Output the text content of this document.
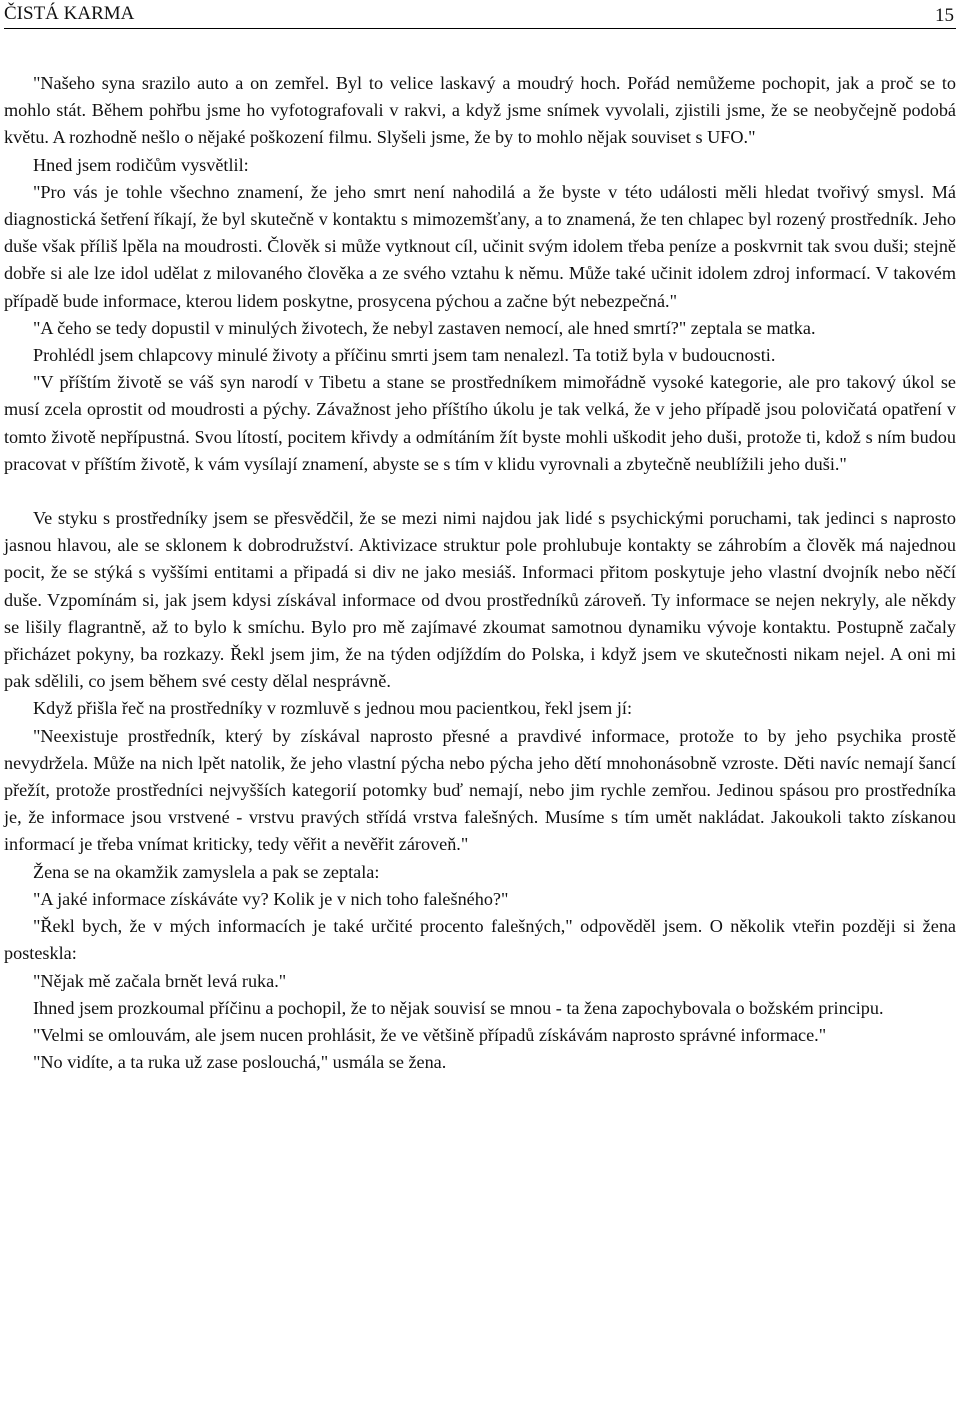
ČISTÁ KARMA	15

"Našeho syna srazilo auto a on zemřel. Byl to velice laskavý a moudrý hoch. Pořád nemůžeme pochopit, jak a proč se to mohlo stát. Během pohřbu jsme ho vyfotografovali v rakvi, a když jsme snímek vyvolali, zjistili jsme, že se neobyčejně podobá květu. A rozhodně nešlo o nějaké poškození filmu. Slyšeli jsme, že by to mohlo nějak souviset s UFO."

Hned jsem rodičům vysvětlil:

"Pro vás je tohle všechno znamení, že jeho smrt není nahodilá a že byste v této události měli hledat tvořivý smysl. Má diagnostická šetření říkají, že byl skutečně v kontaktu s mimozemšťany, a to znamená, že ten chlapec byl rozený prostředník. Jeho duše však příliš lpěla na moudrosti. Člověk si může vytknout cíl, učinit svým idolem třeba peníze a poskvrnit tak svou duši; stejně dobře si ale lze idol udělat z milovaného člověka a ze svého vztahu k němu. Může také učinit idolem zdroj informací. V takovém případě bude informace, kterou lidem poskytne, prosycena pýchou a začne být nebezpečná."

"A čeho se tedy dopustil v minulých životech, že nebyl zastaven nemocí, ale hned smrtí?" zeptala se matka.

Prohlédl jsem chlapcovy minulé životy a příčinu smrti jsem tam nenalezl. Ta totiž byla v budoucnosti.

"V příštím životě se váš syn narodí v Tibetu a stane se prostředníkem mimořádně vysoké kategorie, ale pro takový úkol se musí zcela oprostit od moudrosti a pýchy. Závažnost jeho příštího úkolu je tak velká, že v jeho případě jsou polovičatá opatření v tomto životě nepřípustná. Svou lítostí, pocitem křivdy a odmítáním žít byste mohli uškodit jeho duši, protože ti, kdož s ním budou pracovat v příštím životě, k vám vysílají znamení, abyste se s tím v klidu vyrovnali a zbytečně neublížili jeho duši."

Ve styku s prostředníky jsem se přesvědčil, že se mezi nimi najdou jak lidé s psychickými poruchami, tak jedinci s naprosto jasnou hlavou, ale se sklonem k dobrodružství. Aktivizace struktur pole prohlubuje kontakty se záhrobím a člověk má najednou pocit, že se stýká s vyššími entitami a připadá si div ne jako mesiáš. Informaci přitom poskytuje jeho vlastní dvojník nebo něčí duše. Vzpomínám si, jak jsem kdysi získával informace od dvou prostředníků zároveň. Ty informace se nejen nekryly, ale někdy se lišily flagrantně, až to bylo k smíchu. Bylo pro mě zajímavé zkoumat samotnou dynamiku vývoje kontaktu. Postupně začaly přicházet pokyny, ba rozkazy. Řekl jsem jim, že na týden odjíždím do Polska, i když jsem ve skutečnosti nikam nejel. A oni mi pak sdělili, co jsem během své cesty dělal nesprávně.

Když přišla řeč na prostředníky v rozmluvě s jednou mou pacientkou, řekl jsem jí:

"Neexistuje prostředník, který by získával naprosto přesné a pravdivé informace, protože to by jeho psychika prostě nevydržela. Může na nich lpět natolik, že jeho vlastní pýcha nebo pýcha jeho dětí mnohonásobně vzroste. Děti navíc nemají šancí přežít, protože prostředníci nejvyšších kategorií potomky buď nemají, nebo jim rychle zemřou. Jedinou spásou pro prostředníka je, že informace jsou vrstvené - vrstvu pravých střídá vrstva falešných. Musíme s tím umět nakládat. Jakoukoli takto získanou informací je třeba vnímat kriticky, tedy věřit a nevěřit zároveň."

Žena se na okamžik zamyslela a pak se zeptala:

"A jaké informace získáváte vy? Kolik je v nich toho falešného?"

"Řekl bych, že v mých informacích je také určité procento falešných," odpověděl jsem. O několik vteřin později si žena posteskla:

"Nějak mě začala brnět levá ruka."

Ihned jsem prozkoumal příčinu a pochopil, že to nějak souvisí se mnou - ta žena zapochybovala o božském principu.

"Velmi se omlouvám, ale jsem nucen prohlásit, že ve většině případů získávám naprosto správné informace."

"No vidíte, a ta ruka už zase poslouchá," usmála se žena.
